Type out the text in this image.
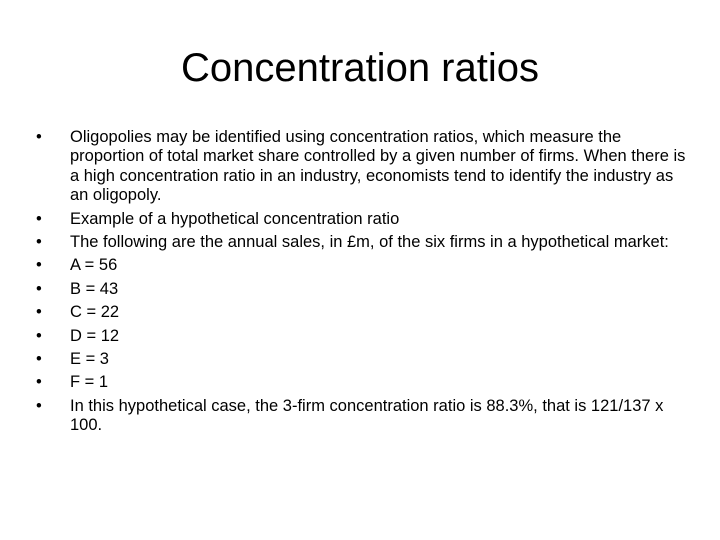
Concentration ratios
•	Oligopolies may be identified using concentration ratios, which measure the proportion of total market share controlled by a given number of firms. When there is a high concentration ratio in an industry, economists tend to identify the industry as an oligopoly.
•	Example of a hypothetical concentration ratio
•	The following are the annual sales, in £m, of the six firms in a hypothetical market:
•	A = 56
•	B = 43
•	C = 22
•	D = 12
•	E = 3
•	F = 1
•	In this hypothetical case, the 3-firm concentration ratio is 88.3%, that is 121/137 x 100.
